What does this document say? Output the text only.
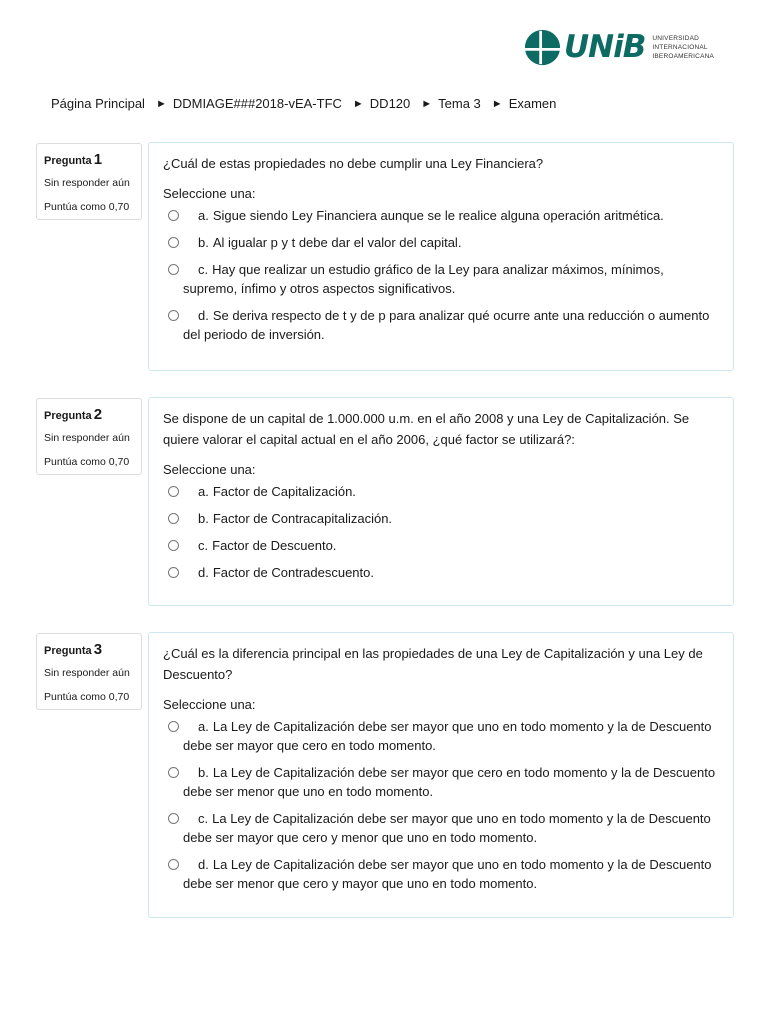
UNiB UNIVERSIDAD
INTERNACIONAL
IBEROAMERICANA
Página Principal ► DDMIAGE###2018-vEA-TFC ► DD120 ► Tema 3 ► Examen
Pregunta 1
Sin responder aún
Puntúa como 0,70
¿Cuál de estas propiedades no debe cumplir una Ley Financiera?
Seleccione una:
a. Sigue siendo Ley Financiera aunque se le realice alguna operación aritmética.
b. Al igualar p y t debe dar el valor del capital.
c. Hay que realizar un estudio gráfico de la Ley para analizar máximos, mínimos, supremo, ínfimo y otros aspectos significativos.
d. Se deriva respecto de t y de p para analizar qué ocurre ante una reducción o aumento del periodo de inversión.
Pregunta 2
Sin responder aún
Puntúa como 0,70
Se dispone de un capital de 1.000.000 u.m. en el año 2008 y una Ley de Capitalización. Se quiere valorar el capital actual en el año 2006, ¿qué factor se utilizará?:
Seleccione una:
a. Factor de Capitalización.
b. Factor de Contracapitalización.
c. Factor de Descuento.
d. Factor de Contradescuento.
Pregunta 3
Sin responder aún
Puntúa como 0,70
¿Cuál es la diferencia principal en las propiedades de una Ley de Capitalización y una Ley de Descuento?
Seleccione una:
a. La Ley de Capitalización debe ser mayor que uno en todo momento y la de Descuento debe ser mayor que cero en todo momento.
b. La Ley de Capitalización debe ser mayor que cero en todo momento y la de Descuento debe ser menor que uno en todo momento.
c. La Ley de Capitalización debe ser mayor que uno en todo momento y la de Descuento debe ser mayor que cero y menor que uno en todo momento.
d. La Ley de Capitalización debe ser mayor que uno en todo momento y la de Descuento debe ser menor que cero y mayor que uno en todo momento.
